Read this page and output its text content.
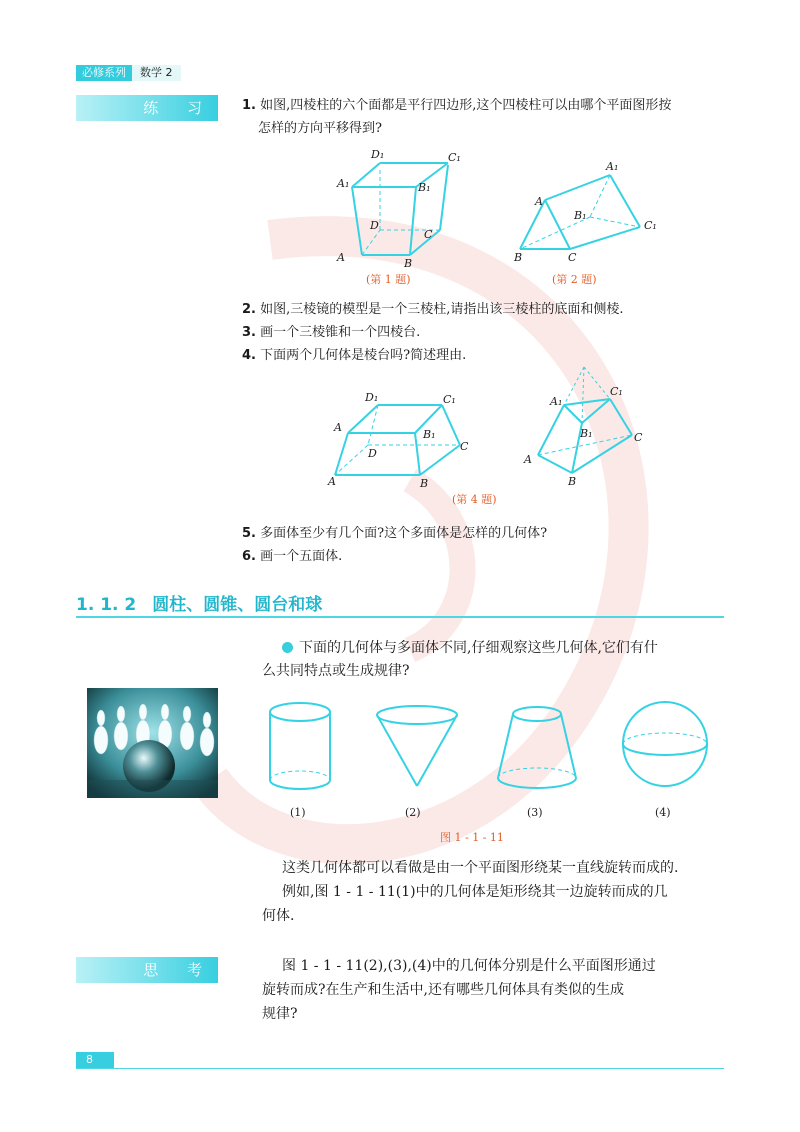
必修系列	数学 2
练 习	1. 如图,四棱柱的六个面都是平行四边形,这个四棱柱可以由哪个平面图形按
怎样的方向平移得到?
D₁	C₁
A₁	B₁
D
C
A	B
(第 1 题)
A₁
A
B₁
C₁
B	C
(第 2 题)
2. 如图,三棱镜的模型是一个三棱柱,请指出该三棱柱的底面和侧棱.
3. 画一个三棱锥和一个四棱台.
4. 下面两个几何体是棱台吗?简述理由.
D₁	C₁
A
B₁
D
C
A	B
(第 4 题)
C₁
A₁
B₁	C
A
B
5. 多面体至少有几个面?这个多面体是怎样的几何体?
6. 画一个五面体.
1. 1. 2 圆柱、圆锥、圆台和球
下面的几何体与多面体不同,仔细观察这些几何体,它们有什
么共同特点或生成规律?
(1)	(2)	(3)	(4)
图 1 - 1 - 11
这类几何体都可以看做是由一个平面图形绕某一直线旋转而成的.
例如,图 1 - 1 - 11(1)中的几何体是矩形绕其一边旋转而成的几
何体.
思 考	图 1 - 1 - 11(2),(3),(4)中的几何体分别是什么平面图形通过
旋转而成?在生产和生活中,还有哪些几何体具有类似的生成
规律?
8
